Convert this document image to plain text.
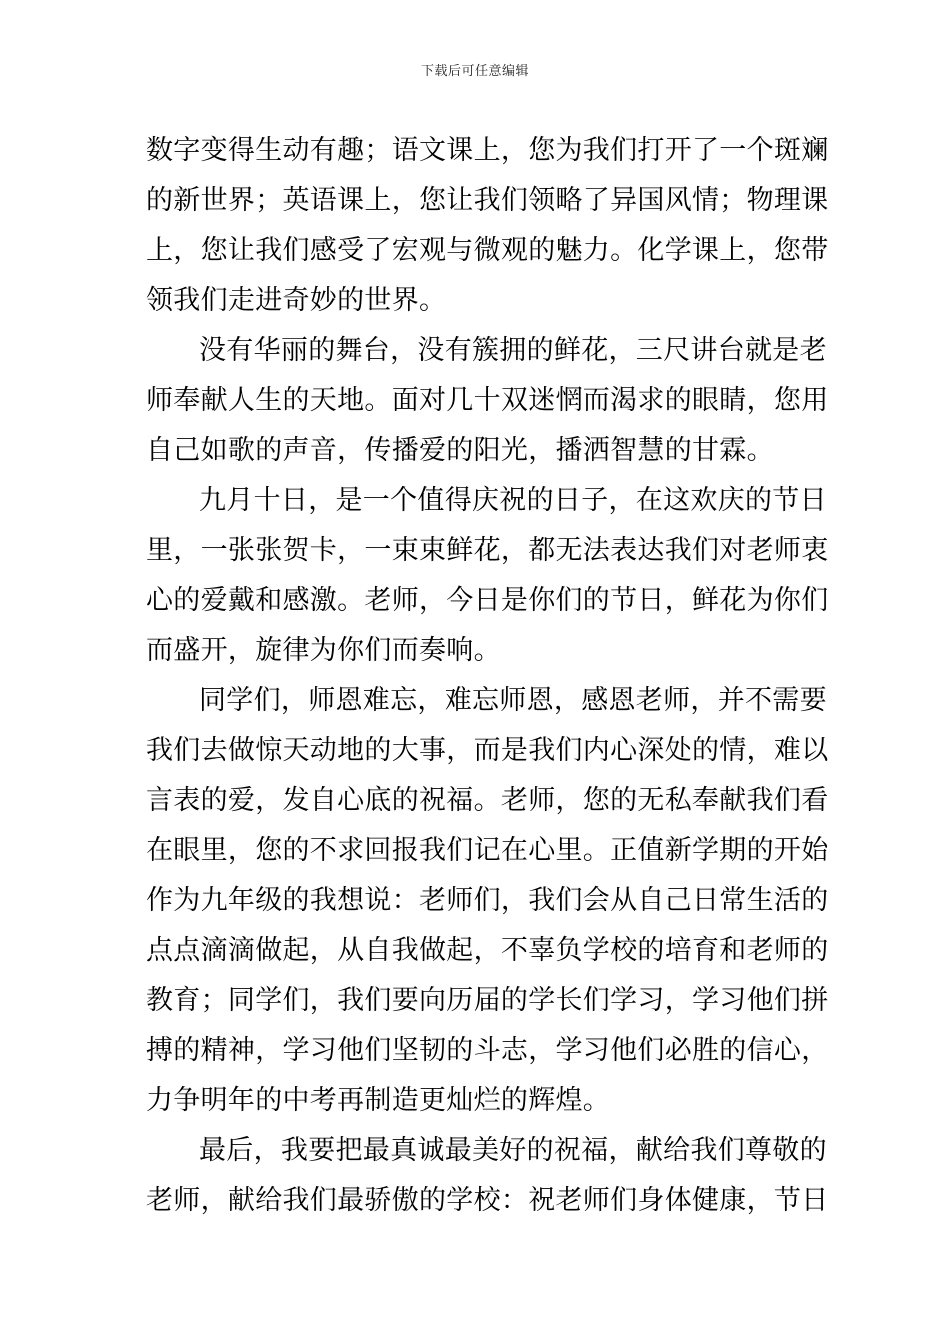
下载后可任意编辑
数字变得生动有趣；语文课上，您为我们打开了一个斑斓
的新世界；英语课上，您让我们领略了异国风情；物理课
上，您让我们感受了宏观与微观的魅力。化学课上，您带
领我们走进奇妙的世界。
没有华丽的舞台，没有簇拥的鲜花，三尺讲台就是老
师奉献人生的天地。面对几十双迷惘而渴求的眼睛，您用
自己如歌的声音，传播爱的阳光，播洒智慧的甘霖。
九月十日，是一个值得庆祝的日子，在这欢庆的节日
里，一张张贺卡，一束束鲜花，都无法表达我们对老师衷
心的爱戴和感激。老师，今日是你们的节日，鲜花为你们
而盛开，旋律为你们而奏响。
同学们，师恩难忘，难忘师恩，感恩老师，并不需要
我们去做惊天动地的大事，而是我们内心深处的情，难以
言表的爱，发自心底的祝福。老师，您的无私奉献我们看
在眼里，您的不求回报我们记在心里。正值新学期的开始
作为九年级的我想说：老师们，我们会从自己日常生活的
点点滴滴做起，从自我做起，不辜负学校的培育和老师的
教育；同学们，我们要向历届的学长们学习，学习他们拼
搏的精神，学习他们坚韧的斗志，学习他们必胜的信心，
力争明年的中考再制造更灿烂的辉煌。
最后，我要把最真诚最美好的祝福，献给我们尊敬的
老师，献给我们最骄傲的学校：祝老师们身体健康，节日
